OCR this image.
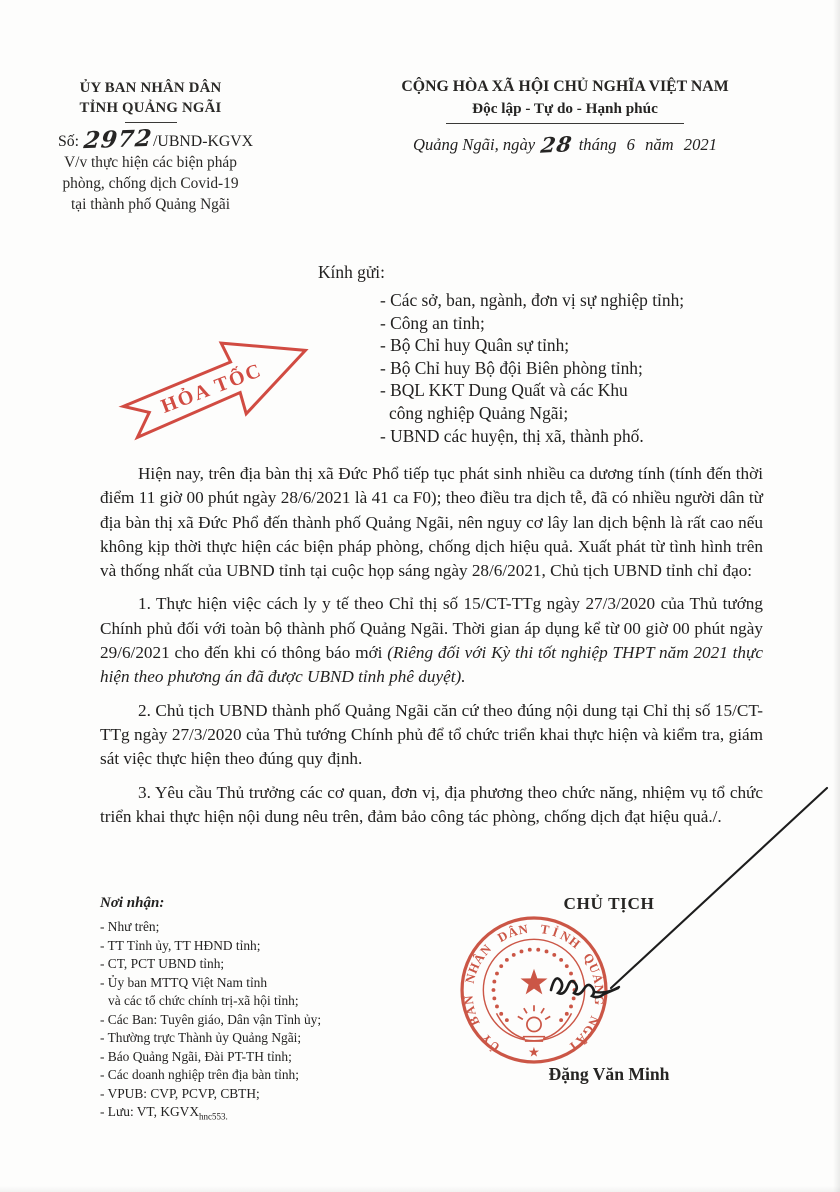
ỦY BAN NHÂN DÂN
TỈNH QUẢNG NGÃI
Số: 2972/UBND-KGVX
V/v thực hiện các biện pháp
phòng, chống dịch Covid-19
tại thành phố Quảng Ngãi
CỘNG HÒA XÃ HỘI CHỦ NGHĨA VIỆT NAM
Độc lập - Tự do - Hạnh phúc
Quảng Ngãi, ngày 28 tháng 6 năm 2021
HỎA TỐC
Kính gửi:
- Các sở, ban, ngành, đơn vị sự nghiệp tỉnh;
- Công an tỉnh;
- Bộ Chỉ huy Quân sự tỉnh;
- Bộ Chỉ huy Bộ đội Biên phòng tỉnh;
- BQL KKT Dung Quất và các Khu
công nghiệp Quảng Ngãi;
- UBND các huyện, thị xã, thành phố.

Hiện nay, trên địa bàn thị xã Đức Phổ tiếp tục phát sinh nhiều ca dương tính (tính đến thời điểm 11 giờ 00 phút ngày 28/6/2021 là 41 ca F0); theo điều tra dịch tễ, đã có nhiều người dân từ địa bàn thị xã Đức Phổ đến thành phố Quảng Ngãi, nên nguy cơ lây lan dịch bệnh là rất cao nếu không kịp thời thực hiện các biện pháp phòng, chống dịch hiệu quả. Xuất phát từ tình hình trên và thống nhất của UBND tỉnh tại cuộc họp sáng ngày 28/6/2021, Chủ tịch UBND tỉnh chỉ đạo:

1. Thực hiện việc cách ly y tế theo Chỉ thị số 15/CT-TTg ngày 27/3/2020 của Thủ tướng Chính phủ đối với toàn bộ thành phố Quảng Ngãi. Thời gian áp dụng kể từ 00 giờ 00 phút ngày 29/6/2021 cho đến khi có thông báo mới (Riêng đối với Kỳ thi tốt nghiệp THPT năm 2021 thực hiện theo phương án đã được UBND tỉnh phê duyệt).

2. Chủ tịch UBND thành phố Quảng Ngãi căn cứ theo đúng nội dung tại Chỉ thị số 15/CT-TTg ngày 27/3/2020 của Thủ tướng Chính phủ để tổ chức triển khai thực hiện và kiểm tra, giám sát việc thực hiện theo đúng quy định.

3. Yêu cầu Thủ trưởng các cơ quan, đơn vị, địa phương theo chức năng, nhiệm vụ tổ chức triển khai thực hiện nội dung nêu trên, đảm bảo công tác phòng, chống dịch đạt hiệu quả./.

Nơi nhận:
- Như trên;
- TT Tỉnh ủy, TT HĐND tỉnh;
- CT, PCT UBND tỉnh;
- Ủy ban MTTQ Việt Nam tỉnh
và các tổ chức chính trị-xã hội tỉnh;
- Các Ban: Tuyên giáo, Dân vận Tỉnh ủy;
- Thường trực Thành ủy Quảng Ngãi;
- Báo Quảng Ngãi, Đài PT-TH tỉnh;
- Các doanh nghiệp trên địa bàn tỉnh;
- VPUB: CVP, PCVP, CBTH;
- Lưu: VT, $KGVX_{hnc553.}$
CHỦ TỊCH
Đặng Văn Minh
Ủ
Y
B
A
N
N
H
Â
N
D
Â
N T Ỉ
N
H
Q
U
Ả
N
G
N
G
Ã
I
★
